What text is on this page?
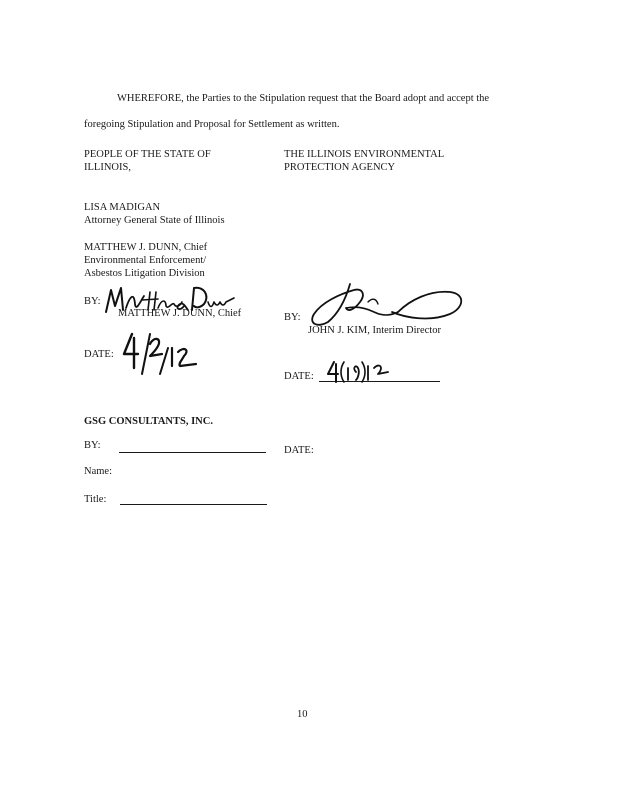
WHEREFORE, the Parties to the Stipulation request that the Board adopt and accept the
foregoing Stipulation and Proposal for Settlement as written.
PEOPLE OF THE STATE OF
ILLINOIS,
THE ILLINOIS ENVIRONMENTAL
PROTECTION AGENCY
LISA MADIGAN
Attorney General State of Illinois
MATTHEW J. DUNN, Chief
Environmental Enforcement/
Asbestos Litigation Division
BY:
MATTHEW J. DUNN, Chief
DATE:
BY:
JOHN J. KIM, Interim Director
DATE:
GSG CONSULTANTS, INC.
BY:	DATE:
Name:
Title:
10
